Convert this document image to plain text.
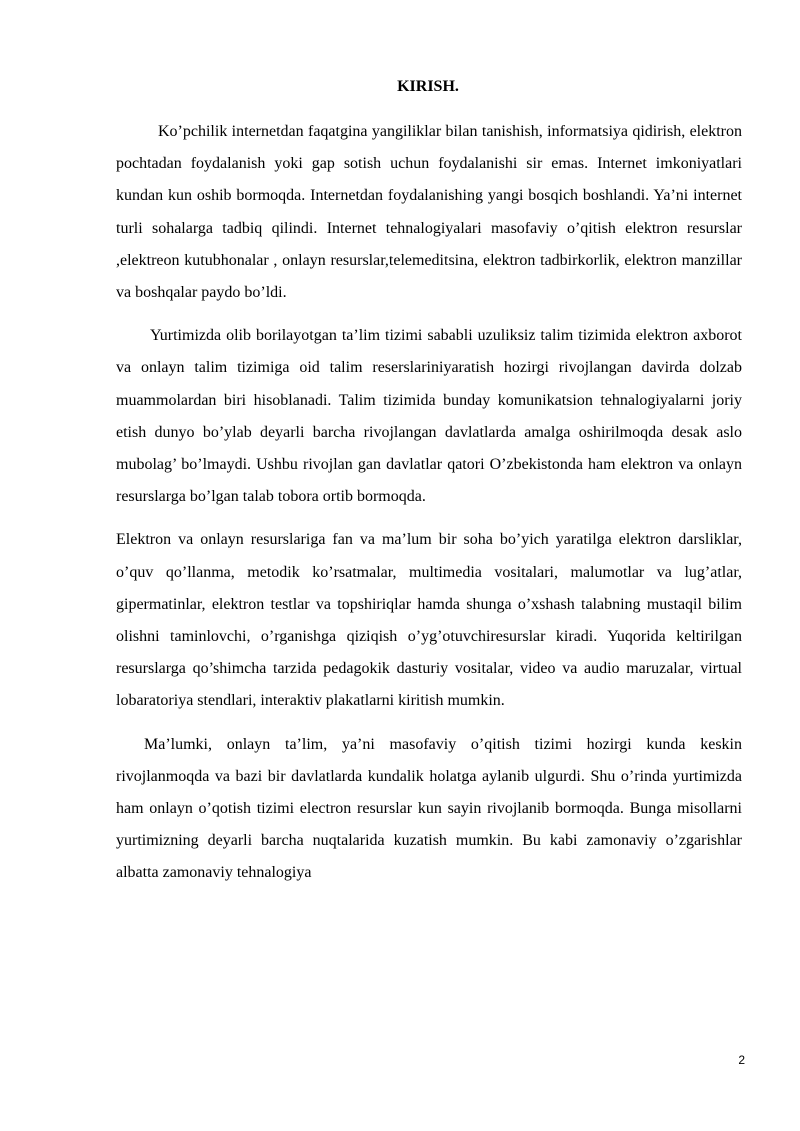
KIRISH.

Ko’pchilik internetdan faqatgina yangiliklar bilan tanishish, informatsiya qidirish, elektron pochtadan foydalanish yoki gap sotish uchun foydalanishi sir emas. Internet imkoniyatlari kundan kun oshib bormoqda. Internetdan foydalanishing yangi bosqich boshlandi. Ya’ni internet turli sohalarga tadbiq qilindi. Internet tehnalogiyalari masofaviy o’qitish elektron resurslar ,elektreon kutubhonalar , onlayn resurslar,telemeditsina, elektron tadbirkorlik, elektron manzillar va boshqalar paydo bo’ldi.

Yurtimizda olib borilayotgan ta’lim tizimi sababli uzuliksiz talim tizimida elektron axborot va onlayn talim tizimiga oid talim reserslariniyaratish hozirgi rivojlangan davirda dolzab muammolardan biri hisoblanadi. Talim tizimida bunday komunikatsion tehnalogiyalarni joriy etish dunyo bo’ylab deyarli barcha rivojlangan davlatlarda amalga oshirilmoqda desak aslo mubolag’ bo’lmaydi. Ushbu rivojlan gan davlatlar qatori O’zbekistonda ham elektron va onlayn resurslarga bo’lgan talab tobora ortib bormoqda.

Elektron va onlayn resurslariga fan va ma’lum bir soha bo’yich yaratilga elektron darsliklar, o’quv qo’llanma, metodik ko’rsatmalar, multimedia vositalari, malumotlar va lug’atlar, gipermatinlar, elektron testlar va topshiriqlar hamda shunga o’xshash talabning mustaqil bilim olishni taminlovchi, o’rganishga qiziqish o’yg’otuvchiresurslar kiradi. Yuqorida keltirilgan resurslarga qo’shimcha tarzida pedagokik dasturiy vositalar, video va audio maruzalar, virtual lobaratoriya stendlari, interaktiv plakatlarni kiritish mumkin.

Ma’lumki, onlayn ta’lim, ya’ni masofaviy o’qitish tizimi hozirgi kunda keskin rivojlanmoqda va bazi bir davlatlarda kundalik holatga aylanib ulgurdi. Shu o’rinda yurtimizda ham onlayn o’qotish tizimi electron resurslar kun sayin rivojlanib bormoqda. Bunga misollarni yurtimizning deyarli barcha nuqtalarida kuzatish mumkin. Bu kabi zamonaviy o’zgarishlar albatta zamonaviy tehnalogiya

2
